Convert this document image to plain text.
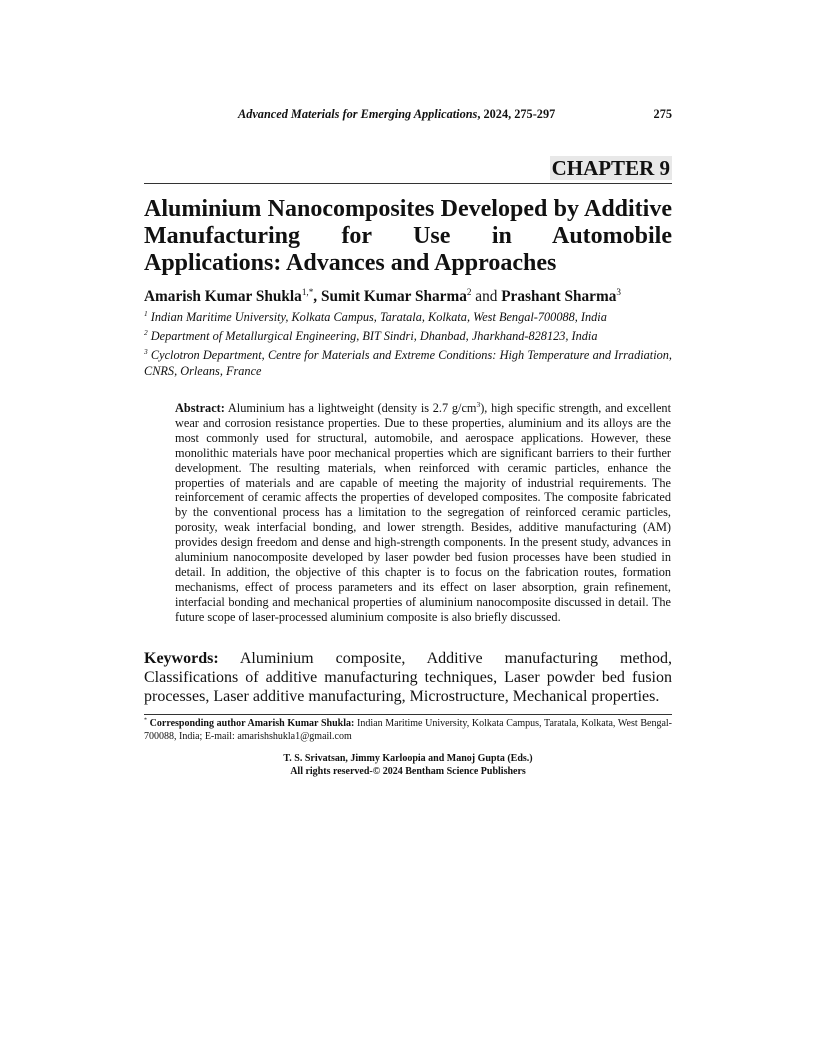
Advanced Materials for Emerging Applications, 2024, 275-297	275
CHAPTER 9
Aluminium Nanocomposites Developed by Additive Manufacturing for Use in Automobile Applications: Advances and Approaches
Amarish Kumar Shukla$^{1,*}$, Sumit Kumar Sharma$^2$ and Prashant Sharma$^3$
$^1$ Indian Maritime University, Kolkata Campus, Taratala, Kolkata, West Bengal-700088, India
$^2$ Department of Metallurgical Engineering, BIT Sindri, Dhanbad, Jharkhand-828123, India
$^3$ Cyclotron Department, Centre for Materials and Extreme Conditions: High Temperature and Irradiation, CNRS, Orleans, France
Abstract: Aluminium has a lightweight (density is 2.7 $g/cm^3$), high specific strength, and excellent wear and corrosion resistance properties. Due to these properties, aluminium and its alloys are the most commonly used for structural, automobile, and aerospace applications. However, these monolithic materials have poor mechanical properties which are significant barriers to their further development. The resulting materials, when reinforced with ceramic particles, enhance the properties of materials and are capable of meeting the majority of industrial requirements. The reinforcement of ceramic affects the properties of developed composites. The composite fabricated by the conventional process has a limitation to the segregation of reinforced ceramic particles, porosity, weak interfacial bonding, and lower strength. Besides, additive manufacturing (AM) provides design freedom and dense and high-strength components. In the present study, advances in aluminium nanocomposite developed by laser powder bed fusion processes have been studied in detail. In addition, the objective of this chapter is to focus on the fabrication routes, formation mechanisms, effect of process parameters and its effect on laser absorption, grain refinement, interfacial bonding and mechanical properties of aluminium nanocomposite discussed in detail. The future scope of laser-processed aluminium composite is also briefly discussed.
Keywords: Aluminium composite, Additive manufacturing method, Classifications of additive manufacturing techniques, Laser powder bed fusion processes, Laser additive manufacturing, Microstructure, Mechanical properties.
* Corresponding author Amarish Kumar Shukla: Indian Maritime University, Kolkata Campus, Taratala, Kolkata, West Bengal-700088, India; E-mail: amarishshukla1@gmail.com
T. S. Srivatsan, Jimmy Karloopia and Manoj Gupta (Eds.)
All rights reserved-© 2024 Bentham Science Publishers
